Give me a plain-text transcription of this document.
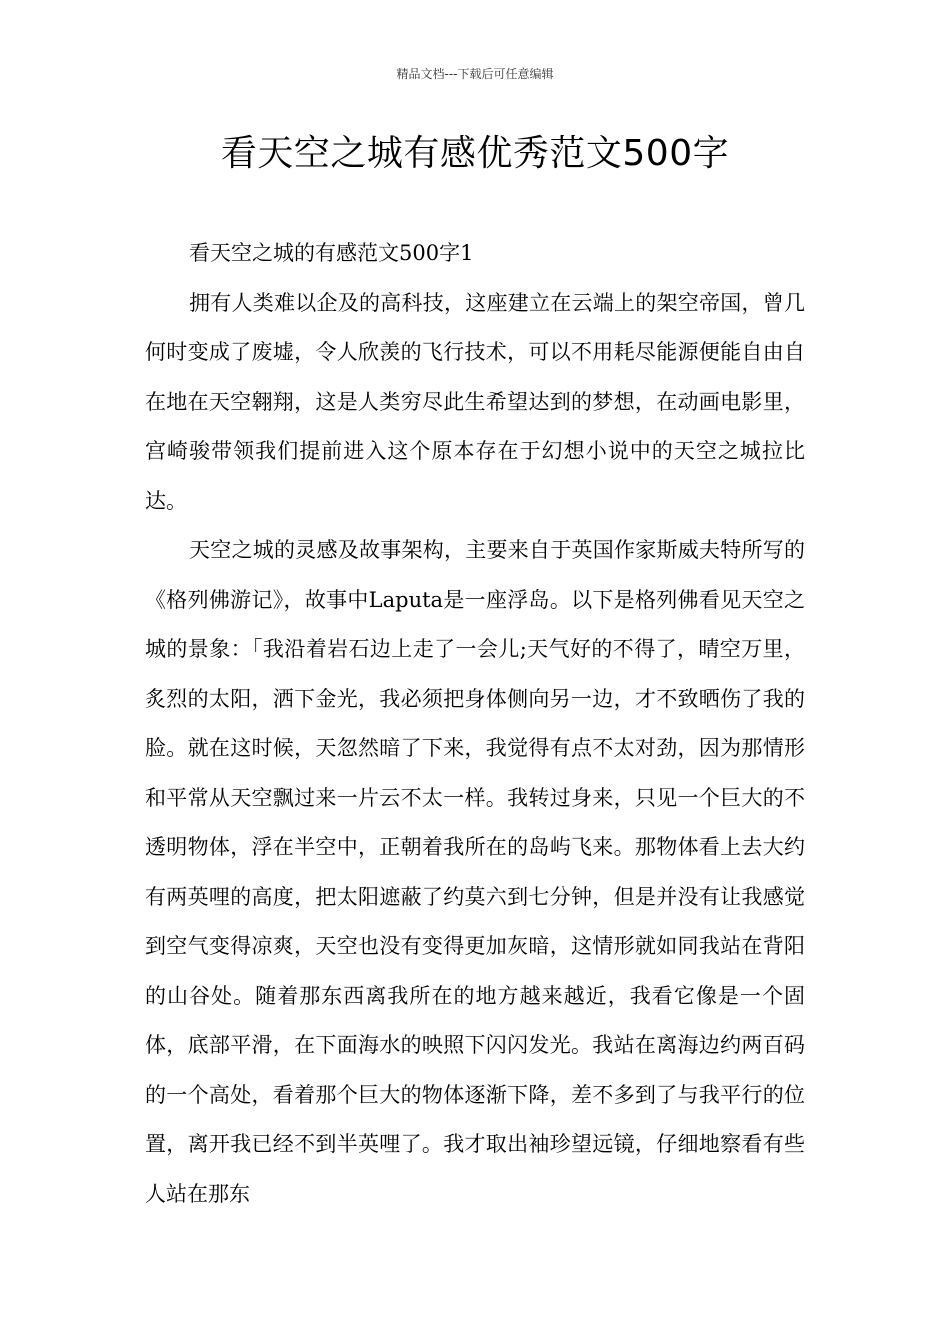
精品文档---下载后可任意编辑
看天空之城有感优秀范文500字
看天空之城的有感范文500字1

拥有人类难以企及的高科技，这座建立在云端上的架空帝国，曾几何时变成了废墟，令人欣羡的飞行技术，可以不用耗尽能源便能自由自在地在天空翱翔，这是人类穷尽此生希望达到的梦想，在动画电影里，宫崎骏带领我们提前进入这个原本存在于幻想小说中的天空之城拉比达。

天空之城的灵感及故事架构，主要来自于英国作家斯威夫特所写的《格列佛游记》，故事中Laputa是一座浮岛。以下是格列佛看见天空之城的景象：「我沿着岩石边上走了一会儿;天气好的不得了，晴空万里，炙烈的太阳，洒下金光，我必须把身体侧向另一边，才不致晒伤了我的脸。就在这时候，天忽然暗了下来，我觉得有点不太对劲，因为那情形和平常从天空飘过来一片云不太一样。我转过身来，只见一个巨大的不透明物体，浮在半空中，正朝着我所在的岛屿飞来。那物体看上去大约有两英哩的高度，把太阳遮蔽了约莫六到七分钟，但是并没有让我感觉到空气变得凉爽，天空也没有变得更加灰暗，这情形就如同我站在背阳的山谷处。随着那东西离我所在的地方越来越近，我看它像是一个固体，底部平滑，在下面海水的映照下闪闪发光。我站在离海边约两百码的一个高处，看着那个巨大的物体逐渐下降，差不多到了与我平行的位置，离开我已经不到半英哩了。我才取出袖珍望远镜，仔细地察看有些人站在那东
